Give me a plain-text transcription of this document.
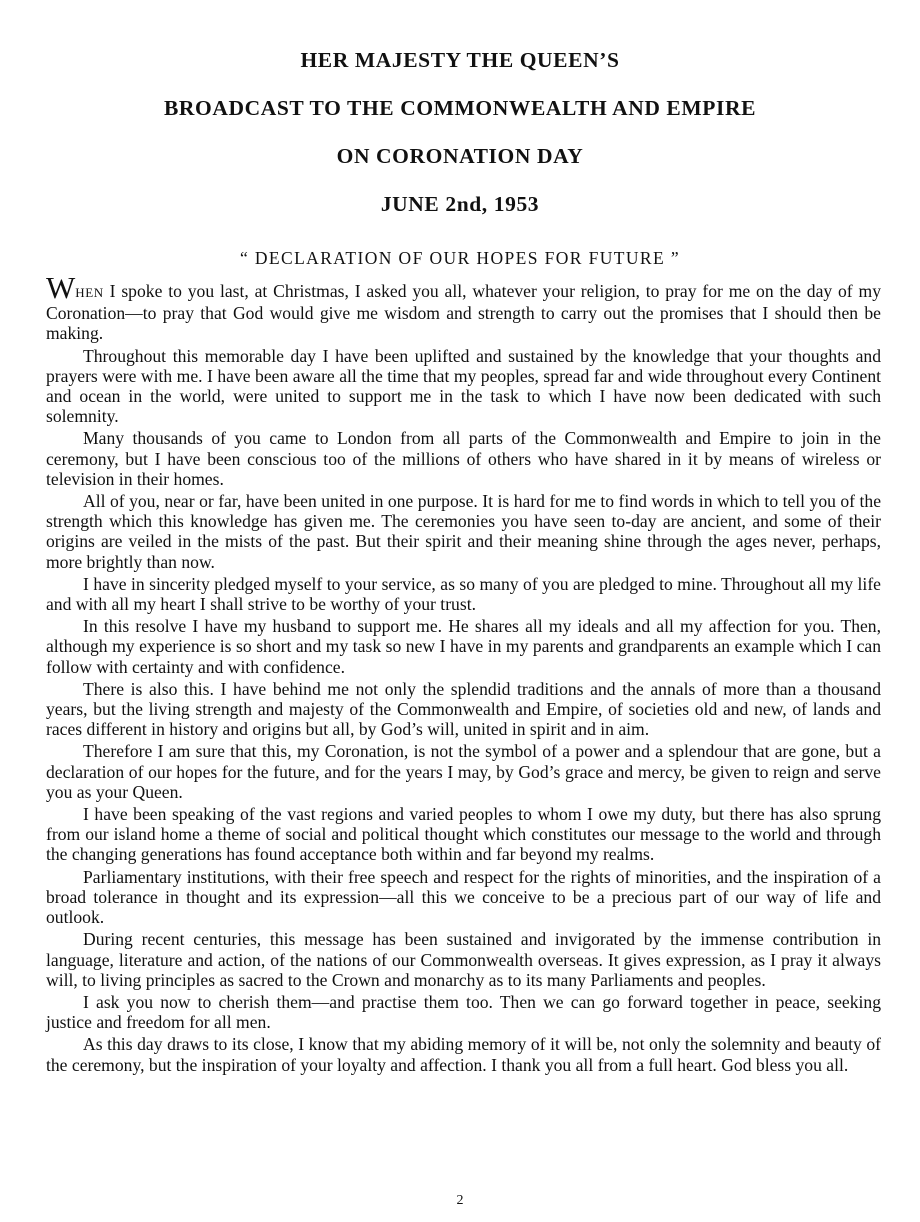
HER MAJESTY THE QUEEN’S
BROADCAST TO THE COMMONWEALTH AND EMPIRE
ON CORONATION DAY
JUNE 2nd, 1953

“ DECLARATION OF OUR HOPES FOR FUTURE ”

WHEN I spoke to you last, at Christmas, I asked you all, whatever your religion, to pray for me on the day of my Coronation—to pray that God would give me wisdom and strength to carry out the promises that I should then be making.

Throughout this memorable day I have been uplifted and sustained by the knowledge that your thoughts and prayers were with me. I have been aware all the time that my peoples, spread far and wide throughout every Continent and ocean in the world, were united to support me in the task to which I have now been dedicated with such solemnity.

Many thousands of you came to London from all parts of the Commonwealth and Empire to join in the ceremony, but I have been conscious too of the millions of others who have shared in it by means of wireless or television in their homes.

All of you, near or far, have been united in one purpose. It is hard for me to find words in which to tell you of the strength which this knowledge has given me. The ceremonies you have seen to-day are ancient, and some of their origins are veiled in the mists of the past. But their spirit and their meaning shine through the ages never, perhaps, more brightly than now.

I have in sincerity pledged myself to your service, as so many of you are pledged to mine. Throughout all my life and with all my heart I shall strive to be worthy of your trust.

In this resolve I have my husband to support me. He shares all my ideals and all my affection for you. Then, although my experience is so short and my task so new I have in my parents and grandparents an example which I can follow with certainty and with confidence.

There is also this. I have behind me not only the splendid traditions and the annals of more than a thousand years, but the living strength and majesty of the Commonwealth and Empire, of societies old and new, of lands and races different in history and origins but all, by God’s will, united in spirit and in aim.

Therefore I am sure that this, my Coronation, is not the symbol of a power and a splendour that are gone, but a declaration of our hopes for the future, and for the years I may, by God’s grace and mercy, be given to reign and serve you as your Queen.

I have been speaking of the vast regions and varied peoples to whom I owe my duty, but there has also sprung from our island home a theme of social and political thought which constitutes our message to the world and through the changing generations has found acceptance both within and far beyond my realms.

Parliamentary institutions, with their free speech and respect for the rights of minorities, and the inspiration of a broad tolerance in thought and its expression—all this we conceive to be a precious part of our way of life and outlook.

During recent centuries, this message has been sustained and invigorated by the immense contribution in language, literature and action, of the nations of our Commonwealth overseas. It gives expression, as I pray it always will, to living principles as sacred to the Crown and monarchy as to its many Parliaments and peoples.

I ask you now to cherish them—and practise them too. Then we can go forward together in peace, seeking justice and freedom for all men.

As this day draws to its close, I know that my abiding memory of it will be, not only the solemnity and beauty of the ceremony, but the inspiration of your loyalty and affection. I thank you all from a full heart. God bless you all.

2
